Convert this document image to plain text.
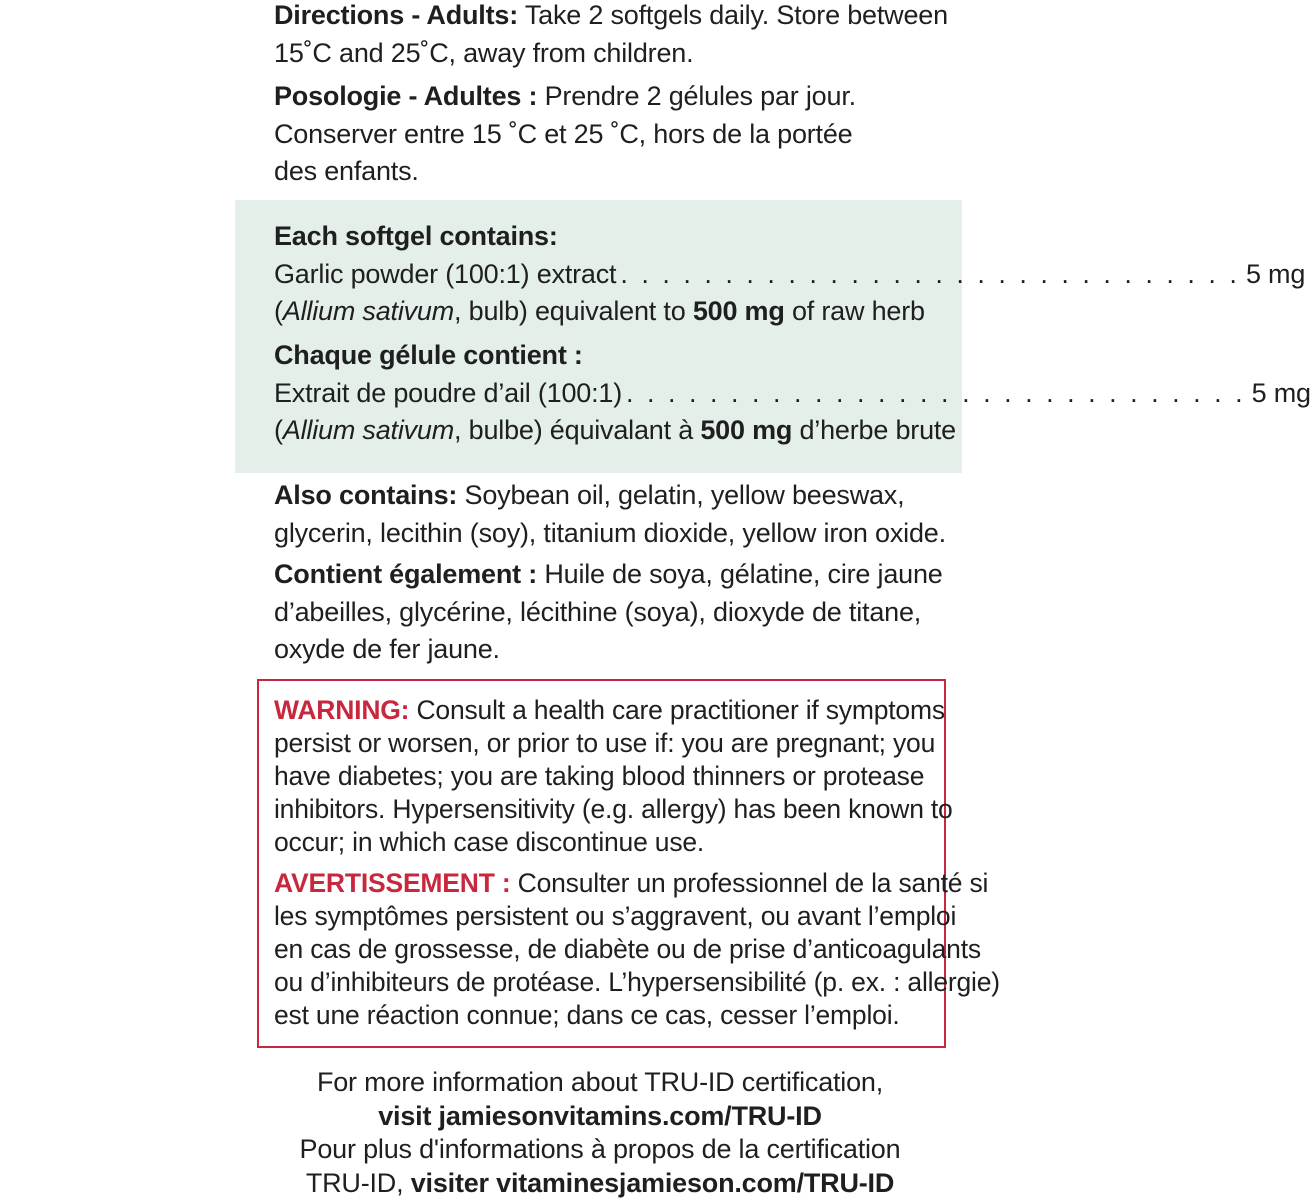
Directions - Adults: Take 2 softgels daily. Store between
15˚C and 25˚C, away from children.

Posologie - Adultes : Prendre 2 gélules par jour.
Conserver entre 15 ˚C et 25 ˚C, hors de la portée
des enfants.

Each softgel contains:
Garlic powder (100:1) extract . . . . . . . . . . . . . . . . . . . . . . . . . . . . . . 5 mg
(Allium sativum, bulb) equivalent to 500 mg of raw herb
Chaque gélule contient :
Extrait de poudre d’ail (100:1) . . . . . . . . . . . . . . . . . . . . . . . . . . . . . . 5 mg
(Allium sativum, bulbe) équivalant à 500 mg d’herbe brute

Also contains: Soybean oil, gelatin, yellow beeswax,
glycerin, lecithin (soy), titanium dioxide, yellow iron oxide.

Contient également : Huile de soya, gélatine, cire jaune
d’abeilles, glycérine, lécithine (soya), dioxyde de titane,
oxyde de fer jaune.

WARNING: Consult a health care practitioner if symptoms
persist or worsen, or prior to use if: you are pregnant; you
have diabetes; you are taking blood thinners or protease
inhibitors. Hypersensitivity (e.g. allergy) has been known to
occur; in which case discontinue use.

AVERTISSEMENT : Consulter un professionnel de la santé si
les symptômes persistent ou s’aggravent, ou avant l’emploi
en cas de grossesse, de diabète ou de prise d’anticoagulants
ou d’inhibiteurs de protéase. L’hypersensibilité (p. ex. : allergie)
est une réaction connue; dans ce cas, cesser l’emploi.

For more information about TRU-ID certification,
visit jamiesonvitamins.com/TRU-ID
Pour plus d'informations à propos de la certification
TRU-ID, visiter vitaminesjamieson.com/TRU-ID
